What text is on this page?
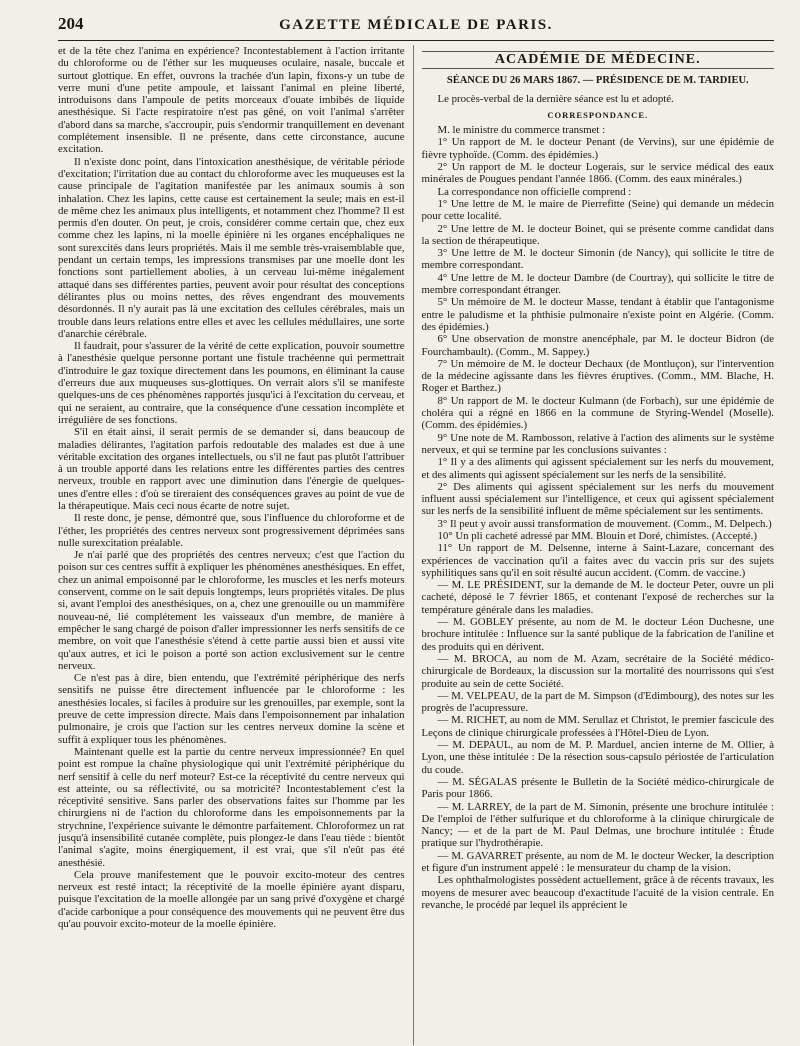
204	GAZETTE MÉDICALE DE PARIS.

et de la tête chez l'anima en expérience? Incontestablement à l'action irritante du chloroforme ou de l'éther sur les muqueuses oculaire, nasale, buccale et surtout glottique. En effet, ouvrons la trachée d'un lapin, fixons-y un tube de verre muni d'une petite ampoule, et laissant l'animal en pleine liberté, introduisons dans l'ampoule de petits morceaux d'ouate imbibés de liquide anesthésique. Si l'acte respiratoire n'est pas gêné, on voit l'animal s'arrêter d'abord dans sa marche, s'accroupir, puis s'endormir tranquillement en devenant complétement insensible. Il ne présente, dans cette circonstance, aucune excitation.

Il n'existe donc point, dans l'intoxication anesthésique, de véritable période d'excitation; l'irritation due au contact du chloroforme avec les muqueuses est la cause principale de l'agitation manifestée par les animaux soumis à son inhalation. Chez les lapins, cette cause est certainement la seule; mais en est-il de même chez les animaux plus intelligents, et notamment chez l'homme? Il est permis d'en douter. On peut, je crois, considérer comme certain que, chez eux comme chez les lapins, ni la moelle épinière ni les organes encéphaliques ne sont surexcités dans leurs propriétés. Mais il me semble très-vraisemblable que, pendant un certain temps, les impressions transmises par une moelle dont les fonctions sont partiellement abolies, à un cerveau lui-même inégalement attaqué dans ses différentes parties, peuvent avoir pour résultat des conceptions délirantes plus ou moins nettes, des rêves engendrant des mouvements désordonnés. Il n'y aurait pas là une excitation des cellules cérébrales, mais un trouble dans leurs relations entre elles et avec les cellules médullaires, une sorte d'anarchie cérébrale.

Il faudrait, pour s'assurer de la vérité de cette explication, pouvoir soumettre à l'anesthésie quelque personne portant une fistule trachéenne qui permettrait d'introduire le gaz toxique directement dans les poumons, en éliminant la cause d'erreurs due aux muqueuses sus-glottiques. On verrait alors s'il se manifeste quelques-uns de ces phénomènes rapportés jusqu'ici à l'excitation du cerveau, et qui ne seraient, au contraire, que la conséquence d'une cessation incomplète et irrégulière de ses fonctions.

S'il en était ainsi, il serait permis de se demander si, dans beaucoup de maladies délirantes, l'agitation parfois redoutable des malades est due à une véritable excitation des organes intellectuels, ou s'il ne faut pas plutôt l'attribuer à un trouble apporté dans les relations entre les différentes parties des centres nerveux, trouble en rapport avec une diminution dans l'énergie de quelques-unes d'entre elles : d'où se tireraient des conséquences graves au point de vue de la thérapeutique. Mais ceci nous écarte de notre sujet.

Il reste donc, je pense, démontré que, sous l'influence du chloroforme et de l'éther, les propriétés des centres nerveux sont progressivement déprimées sans nulle surexcitation préalable.

Je n'ai parlé que des propriétés des centres nerveux; c'est que l'action du poison sur ces centres suffit à expliquer les phénomènes anesthésiques. En effet, chez un animal empoisonné par le chloroforme, les muscles et les nerfs moteurs conservent, comme on le sait depuis longtemps, leurs propriétés vitales. De plus si, avant l'emploi des anesthésiques, on a, chez une grenouille ou un mammifère nouveau-né, lié complétement les vaisseaux d'un membre, de manière à empêcher le sang chargé de poison d'aller impressionner les nerfs sensitifs de ce membre, on voit que l'anesthésie s'étend à cette partie aussi bien et aussi vite qu'aux autres, et ici le poison a porté son action exclusivement sur le centre nerveux.

Ce n'est pas à dire, bien entendu, que l'extrémité périphérique des nerfs sensitifs ne puisse être directement influencée par le chloroforme : les anesthésies locales, si faciles à produire sur les grenouilles, par exemple, sont la preuve de cette impression directe. Mais dans l'empoisonnement par inhalation pulmonaire, je crois que l'action sur les centres nerveux domine la scène et suffit à expliquer tous les phénomènes.

Maintenant quelle est la partie du centre nerveux impressionnée? En quel point est rompue la chaîne physiologique qui unit l'extrémité périphérique du nerf sensitif à celle du nerf moteur? Est-ce la réceptivité du centre nerveux qui est atteinte, ou sa réflectivité, ou sa motricité? Incontestablement c'est la réceptivité sensitive. Sans parler des observations faites sur l'homme par les chirurgiens ni de l'action du chloroforme dans les empoisonnements par la strychnine, l'expérience suivante le démontre parfaitement. Chloroformez un rat jusqu'à insensibilité cutanée complète, puis plongez-le dans l'eau tiède : bientôt l'animal s'agite, moins énergiquement, il est vrai, que s'il n'eût pas été anesthésié.

Cela prouve manifestement que le pouvoir excito-moteur des centres nerveux est resté intact; la réceptivité de la moelle épinière ayant disparu, puisque l'excitation de la moelle allongée par un sang privé d'oxygène et chargé d'acide carbonique a pour conséquence des mouvements qui ne peuvent être dus qu'au pouvoir excito-moteur de la moelle épinière.

ACADÉMIE DE MÉDECINE.
SÉANCE DU 26 MARS 1867. — PRÉSIDENCE DE M. TARDIEU.

Le procès-verbal de la dernière séance est lu et adopté.

CORRESPONDANCE.

M. le ministre du commerce transmet :

1° Un rapport de M. le docteur Penant (de Vervins), sur une épidémie de fièvre typhoïde. (Comm. des épidémies.)

2° Un rapport de M. le docteur Logerais, sur le service médical des eaux minérales de Pougues pendant l'année 1866. (Comm. des eaux minérales.)

La correspondance non officielle comprend :

1° Une lettre de M. le maire de Pierrefitte (Seine) qui demande un médecin pour cette localité.

2° Une lettre de M. le docteur Boinet, qui se présente comme candidat dans la section de thérapeutique.

3° Une lettre de M. le docteur Simonin (de Nancy), qui sollicite le titre de membre correspondant.

4° Une lettre de M. le docteur Dambre (de Courtray), qui sollicite le titre de membre correspondant étranger.

5° Un mémoire de M. le docteur Masse, tendant à établir que l'antagonisme entre le paludisme et la phthisie pulmonaire n'existe point en Algérie. (Comm. des épidémies.)

6° Une observation de monstre anencéphale, par M. le docteur Bidron (de Fourchambault). (Comm., M. Sappey.)

7° Un mémoire de M. le docteur Dechaux (de Montluçon), sur l'intervention de la médecine agissante dans les fièvres éruptives. (Comm., MM. Blache, H. Roger et Barthez.)

8° Un rapport de M. le docteur Kulmann (de Forbach), sur une épidémie de choléra qui a régné en 1866 en la commune de Styring-Wendel (Moselle). (Comm. des épidémies.)

9° Une note de M. Rambosson, relative à l'action des aliments sur le système nerveux, et qui se termine par les conclusions suivantes :

1° Il y a des aliments qui agissent spécialement sur les nerfs du mouvement, et des aliments qui agissent spécialement sur les nerfs de la sensibilité.

2° Des aliments qui agissent spécialement sur les nerfs du mouvement influent aussi spécialement sur l'intelligence, et ceux qui agissent spécialement sur les nerfs de la sensibilité influent de même spécialement sur les sentiments.

3° Il peut y avoir aussi transformation de mouvement. (Comm., M. Delpech.)

10° Un pli cacheté adressé par MM. Blouin et Doré, chimistes. (Accepté.)

11° Un rapport de M. Delsenne, interne à Saint-Lazare, concernant des expériences de vaccination qu'il a faites avec du vaccin pris sur des sujets syphilitiques sans qu'il en soit résulté aucun accident. (Comm. de vaccine.)

— M. LE PRÉSIDENT, sur la demande de M. le docteur Peter, ouvre un pli cacheté, déposé le 7 février 1865, et contenant l'exposé de recherches sur la température générale dans les maladies.

— M. GOBLEY présente, au nom de M. le docteur Léon Duchesne, une brochure intitulée : Influence sur la santé publique de la fabrication de l'aniline et des produits qui en dérivent.

— M. BROCA, au nom de M. Azam, secrétaire de la Société médico-chirurgicale de Bordeaux, la discussion sur la mortalité des nourrissons qui s'est produite au sein de cette Société.

— M. VELPEAU, de la part de M. Simpson (d'Edimbourg), des notes sur les progrès de l'acupressure.

— M. RICHET, au nom de MM. Serullaz et Christot, le premier fascicule des Leçons de clinique chirurgicale professées à l'Hôtel-Dieu de Lyon.

— M. DEPAUL, au nom de M. P. Marduel, ancien interne de M. Ollier, à Lyon, une thèse intitulée : De la résection sous-capsulo périostée de l'articulation du coude.

— M. SÉGALAS présente le Bulletin de la Société médico-chirurgicale de Paris pour 1866.

— M. LARREY, de la part de M. Simonin, présente une brochure intitulée : De l'emploi de l'éther sulfurique et du chloroforme à la clinique chirurgicale de Nancy; — et de la part de M. Paul Delmas, une brochure intitulée : Étude pratique sur l'hydrothérapie.

— M. GAVARRET présente, au nom de M. le docteur Wecker, la description et figure d'un instrument appelé : le mensurateur du champ de la vision.

Les ophthalmologistes possèdent actuellement, grâce à de récents travaux, les moyens de mesurer avec beaucoup d'exactitude l'acuité de la vision centrale. En revanche, le procédé par lequel ils apprécient le
